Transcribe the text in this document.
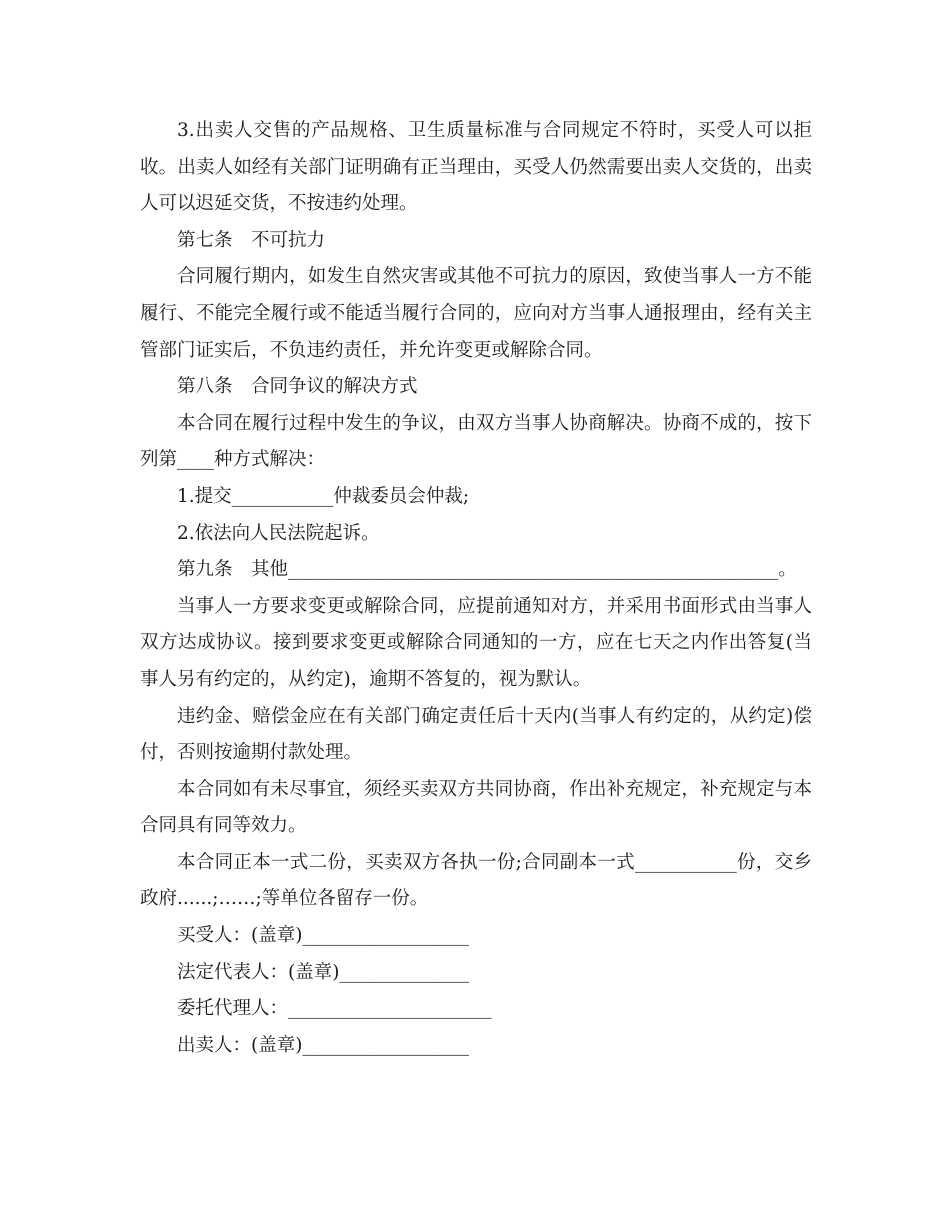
3.出卖人交售的产品规格、卫生质量标准与合同规定不符时，买受人可以拒收。出卖人如经有关部门证明确有正当理由，买受人仍然需要出卖人交货的，出卖人可以迟延交货，不按违约处理。

第七条　不可抗力

合同履行期内，如发生自然灾害或其他不可抗力的原因，致使当事人一方不能履行、不能完全履行或不能适当履行合同的，应向对方当事人通报理由，经有关主管部门证实后，不负违约责任，并允许变更或解除合同。

第八条　合同争议的解决方式

本合同在履行过程中发生的争议，由双方当事人协商解决。协商不成的，按下列第____种方式解决：

1.提交___________仲裁委员会仲裁;

2.依法向人民法院起诉。

第九条　其他_____________________________________________________。

当事人一方要求变更或解除合同，应提前通知对方，并采用书面形式由当事人双方达成协议。接到要求变更或解除合同通知的一方，应在七天之内作出答复(当事人另有约定的，从约定)，逾期不答复的，视为默认。

违约金、赔偿金应在有关部门确定责任后十天内(当事人有约定的，从约定)偿付，否则按逾期付款处理。

本合同如有未尽事宜，须经买卖双方共同协商，作出补充规定，补充规定与本合同具有同等效力。

本合同正本一式二份，买卖双方各执一份;合同副本一式___________份，交乡政府......;……;等单位各留存一份。

买受人：(盖章)__________________

法定代表人：(盖章)______________

委托代理人：______________________

出卖人：(盖章)__________________
